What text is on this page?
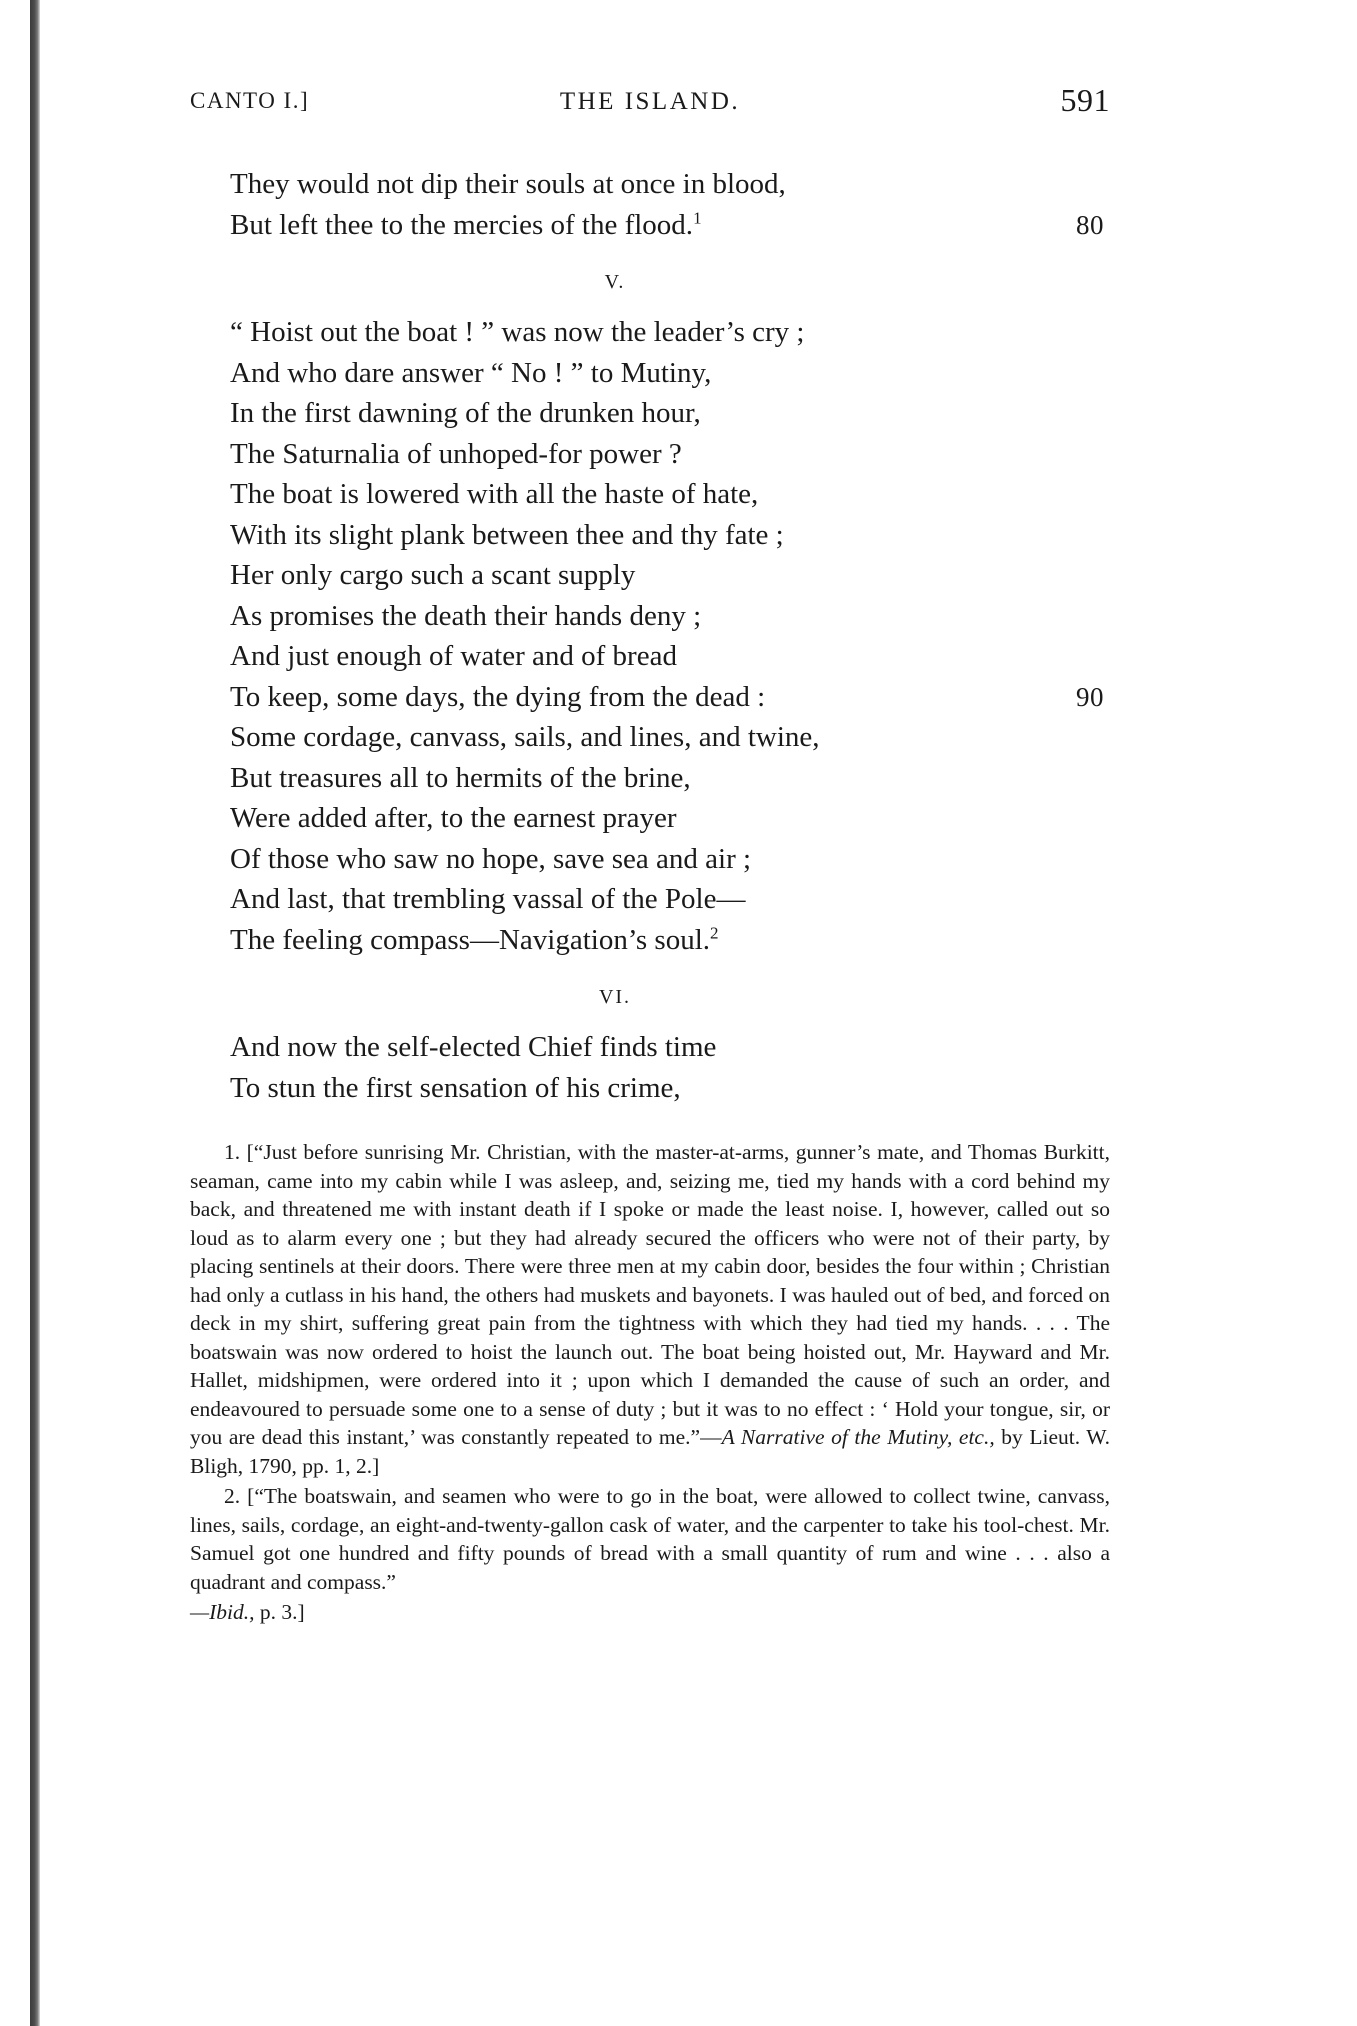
CANTO I.]	THE ISLAND.	591
They would not dip their souls at once in blood,
But left thee to the mercies of the flood.$^1$	80
V.
“ Hoist out the boat ! ” was now the leader’s cry ;
And who dare answer “ No ! ” to Mutiny,
In the first dawning of the drunken hour,
The Saturnalia of unhoped-for power ?
The boat is lowered with all the haste of hate,
With its slight plank between thee and thy fate ;
Her only cargo such a scant supply
As promises the death their hands deny ;
And just enough of water and of bread
To keep, some days, the dying from the dead :	90
Some cordage, canvass, sails, and lines, and twine,
But treasures all to hermits of the brine,
Were added after, to the earnest prayer
Of those who saw no hope, save sea and air ;
And last, that trembling vassal of the Pole—
The feeling compass—Navigation’s soul.$^2$
VI.
And now the self-elected Chief finds time
To stun the first sensation of his crime,
1. [“Just before sunrising Mr. Christian, with the master-at-arms, gunner’s mate, and Thomas Burkitt, seaman, came into my cabin while I was asleep, and, seizing me, tied my hands with a cord behind my back, and threatened me with instant death if I spoke or made the least noise. I, however, called out so loud as to alarm every one ; but they had already secured the officers who were not of their party, by placing sentinels at their doors. There were three men at my cabin door, besides the four within ; Christian had only a cutlass in his hand, the others had muskets and bayonets. I was hauled out of bed, and forced on deck in my shirt, suffering great pain from the tightness with which they had tied my hands. . . . The boatswain was now ordered to hoist the launch out. The boat being hoisted out, Mr. Hayward and Mr. Hallet, midshipmen, were ordered into it ; upon which I demanded the cause of such an order, and endeavoured to persuade some one to a sense of duty ; but it was to no effect : ‘ Hold your tongue, sir, or you are dead this instant,’ was constantly repeated to me.”—A Narrative of the Mutiny, etc., by Lieut. W. Bligh, 1790, pp. 1, 2.]
2. [“The boatswain, and seamen who were to go in the boat, were allowed to collect twine, canvass, lines, sails, cordage, an eight-and-twenty-gallon cask of water, and the carpenter to take his tool-chest. Mr. Samuel got one hundred and fifty pounds of bread with a small quantity of rum and wine . . . also a quadrant and compass.”
—Ibid., p. 3.]
